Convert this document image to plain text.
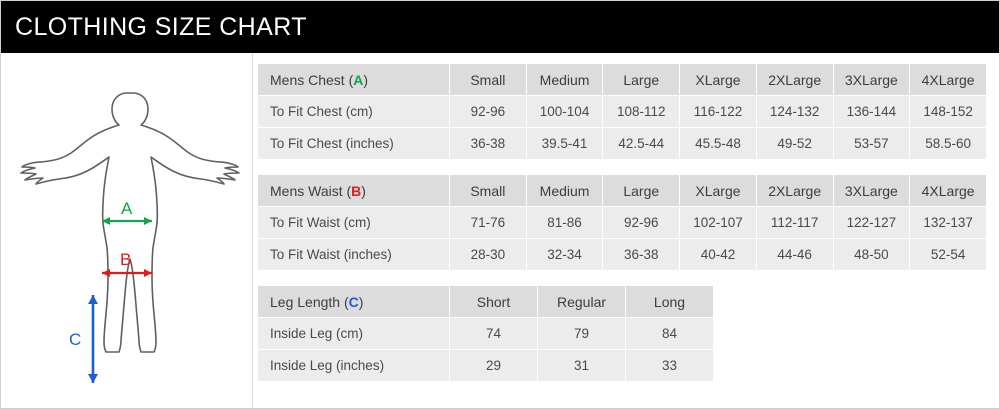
CLOTHING SIZE CHART
A
B
C
Mens Chest (A)	Small	Medium	Large	XLarge	2XLarge	3XLarge	4XLarge
To Fit Chest (cm)	92-96	100-104	108-112	116-122	124-132	136-144	148-152
To Fit Chest (inches)	36-38	39.5-41	42.5-44	45.5-48	49-52	53-57	58.5-60
Mens Waist (B)	Small	Medium	Large	XLarge	2XLarge	3XLarge	4XLarge
To Fit Waist (cm)	71-76	81-86	92-96	102-107	112-117	122-127	132-137
To Fit Waist (inches)	28-30	32-34	36-38	40-42	44-46	48-50	52-54
Leg Length (C)	Short	Regular	Long	
Inside Leg (cm)	74	79	84	
Inside Leg (inches)	29	31	33	
